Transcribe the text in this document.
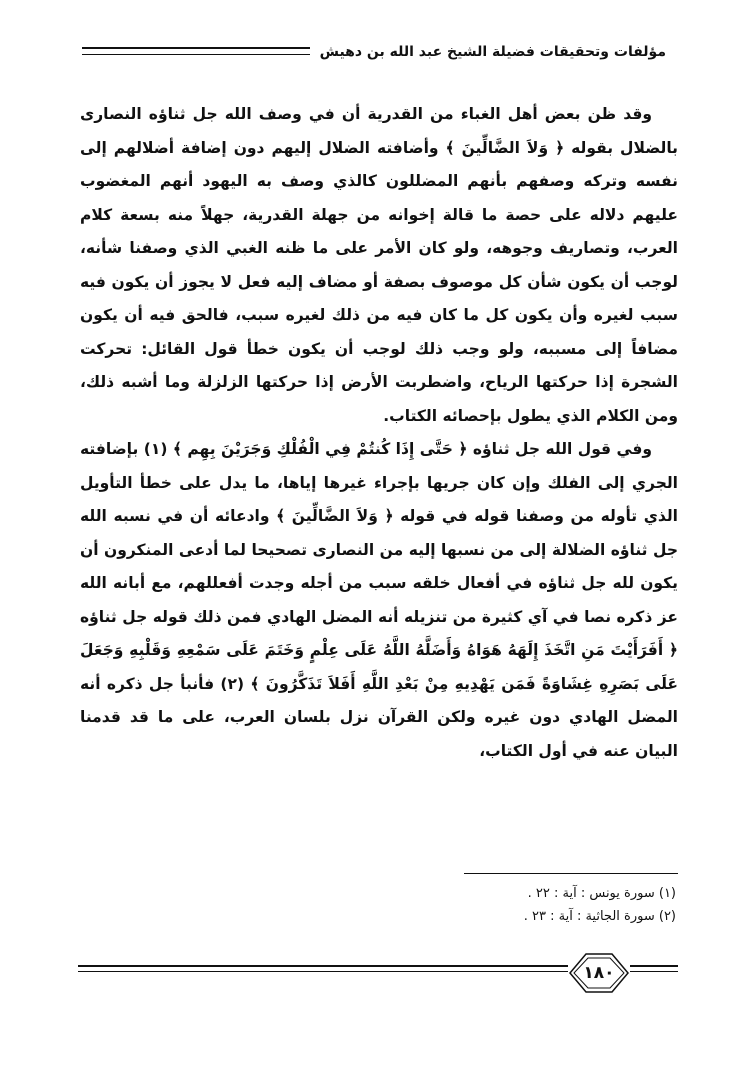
مؤلفات وتحقيقات فضيلة الشيخ عبد الله بن دهيش

وقد ظن بعض أهل الغباء من القدرية أن في وصف الله جل ثناؤه النصارى بالضلال بقوله ﴿ وَلاَ الضَّالِّينَ ﴾ وأضافته الضلال إليهم دون إضافة أضلالهم إلى نفسه وتركه وصفهم بأنهم المضللون كالذي وصف به اليهود أنهم المغضوب عليهم دلاله على حصة ما قالة إخوانه من جهلة القدرية، جهلاً منه بسعة كلام العرب، وتصاريف وجوهه، ولو كان الأمر على ما ظنه الغبي الذي وصفنا شأنه، لوجب أن يكون شأن كل موصوف بصفة أو مضاف إليه فعل لا يجوز أن يكون فيه سبب لغيره وأن يكون كل ما كان فيه من ذلك لغيره سبب، فالحق فيه أن يكون مضافاً إلى مسببه، ولو وجب ذلك لوجب أن يكون خطأ قول القائل: تحركت الشجرة إذا حركتها الرياح، واضطربت الأرض إذا حركتها الزلزلة وما أشبه ذلك، ومن الكلام الذي يطول بإحصائه الكتاب.

وفي قول الله جل ثناؤه ﴿ حَتَّى إِذَا كُنتُمْ فِي الْفُلْكِ وَجَرَيْنَ بِهِم ﴾ (١) بإضافته الجري إلى الفلك وإن كان جريها بإجراء غيرها إياها، ما يدل على خطأ التأويل الذي تأوله من وصفنا قوله في قوله ﴿ وَلاَ الضَّالِّينَ ﴾ وادعائه أن في نسبه الله جل ثناؤه الضلالة إلى من نسبها إليه من النصارى تصحيحا لما أدعى المنكرون أن يكون لله جل ثناؤه في أفعال خلقه سبب من أجله وجدت أفعللهم، مع أبانه الله عز ذكره نصا في آي كثيرة من تنزيله أنه المضل الهادي فمن ذلك قوله جل ثناؤه ﴿ أَفَرَأَيْتَ مَنِ اتَّخَذَ إِلَهَهُ هَوَاهُ وَأَضَلَّهُ اللَّهُ عَلَى عِلْمٍ وَخَتَمَ عَلَى سَمْعِهِ وَقَلْبِهِ وَجَعَلَ عَلَى بَصَرِهِ غِشَاوَةً فَمَن يَهْدِيهِ مِنْ بَعْدِ اللَّهِ أَفَلاَ تَذَكَّرُونَ ﴾ (٢) فأنبأ جل ذكره أنه المضل الهادي دون غيره ولكن القرآن نزل بلسان العرب، على ما قد قدمنا البيان عنه في أول الكتاب،

(١) سورة يونس : آية : ٢٢ .

(٢) سورة الجاثية : آية : ٢٣ .

١٨٠
